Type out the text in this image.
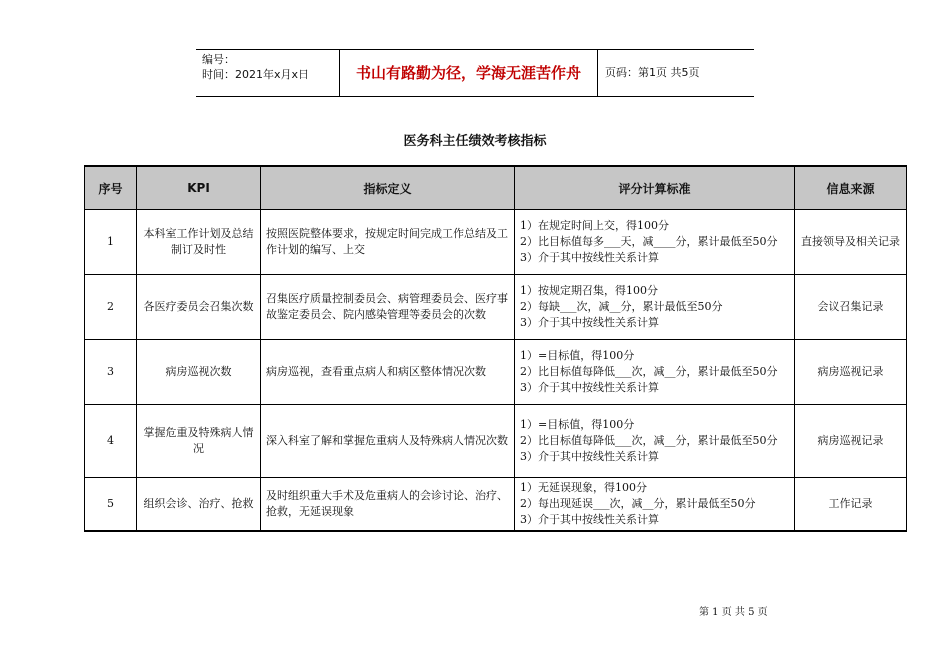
编号：
时间：2021年x月x日	书山有路勤为径，学海无涯苦作舟	页码：第1页 共5页
医务科主任绩效考核指标
序号	KPI	指标定义	评分计算标准	信息来源
1	本科室工作计划及总结制订及时性	按照医院整体要求，按规定时间完成工作总结及工作计划的编写、上交	1）在规定时间上交，得100分
2）比目标值每多___天，减____分，累计最低至50分
3）介于其中按线性关系计算	直接领导及相关记录
2	各医疗委员会召集次数	召集医疗质量控制委员会、病管理委员会、医疗事故鉴定委员会、院内感染管理等委员会的次数	1）按规定期召集，得100分
2）每缺___次，减__分，累计最低至50分
3）介于其中按线性关系计算	会议召集记录
3	病房巡视次数	病房巡视，查看重点病人和病区整体情况次数	1）=目标值，得100分
2）比目标值每降低___次，减__分，累计最低至50分
3）介于其中按线性关系计算	病房巡视记录
4	掌握危重及特殊病人情况	深入科室了解和掌握危重病人及特殊病人情况次数	1）=目标值，得100分
2）比目标值每降低___次，减__分，累计最低至50分
3）介于其中按线性关系计算	病房巡视记录
5	组织会诊、治疗、抢救	及时组织重大手术及危重病人的会诊讨论、治疗、抢救，无延误现象	1）无延误现象，得100分
2）每出现延误___次，减__分，累计最低至50分
3）介于其中按线性关系计算	工作记录
第 1 页 共 5 页
